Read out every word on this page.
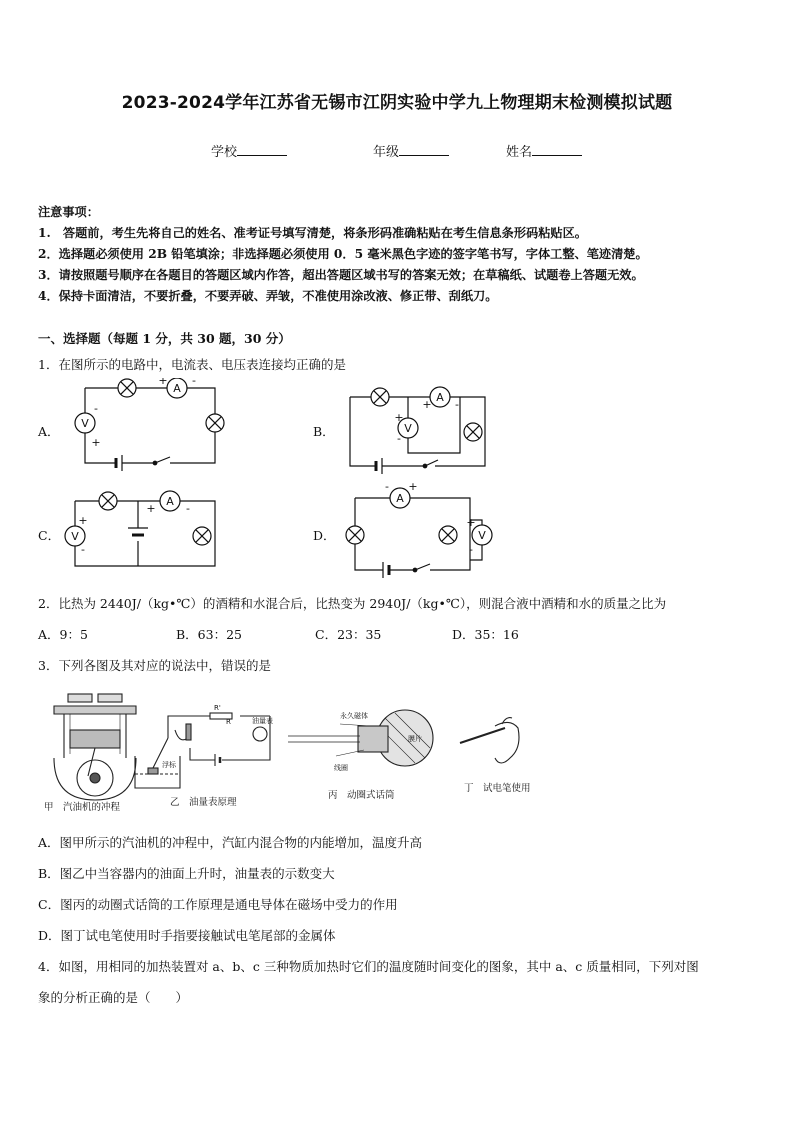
2023-2024学年江苏省无锡市江阴实验中学九上物理期末检测模拟试题
学校	年级	姓名
注意事项：
1.　答题前，考生先将自己的姓名、准考证号填写清楚，将条形码准确粘贴在考生信息条形码粘贴区。
2．选择题必须使用 2B 铅笔填涂；非选择题必须使用 0．5 毫米黑色字迹的签字笔书写，字体工整、笔迹清楚。
3．请按照题号顺序在各题目的答题区域内作答，超出答题区域书写的答案无效；在草稿纸、试题卷上答题无效。
4．保持卡面清洁，不要折叠，不要弄破、弄皱，不准使用涂改液、修正带、刮纸刀。
一、选择题（每题 1 分，共 30 题，30 分）
1．在图所示的电路中，电流表、电压表连接均正确的是
A
V
A
V
A
V
A
V
-
+
+ -
+
-
+ -
+
-
+	-
- +
+
-
A．	B．
C．	D．
2．比热为 2440J/（kg•℃）的酒精和水混合后，比热变为 2940J/（kg•℃），则混合液中酒精和水的质量之比为
A．9：5	B．63：25	C．23：35	D．35：16
3．下列各图及其对应的说法中，错误的是
R
R'
油量表
浮标
永久磁体
膜片
线圈
甲　汽油机的冲程	乙　油量表原理
丙　动圈式话筒
丁　试电笔使用
A．图甲所示的汽油机的冲程中，汽缸内混合物的内能增加，温度升高
B．图乙中当容器内的油面上升时，油量表的示数变大
C．图丙的动圈式话筒的工作原理是通电导体在磁场中受力的作用
D．图丁试电笔使用时手指要接触试电笔尾部的金属体
4．如图，用相同的加热装置对 a、b、c 三种物质加热时它们的温度随时间变化的图象，其中 a、c 质量相同，下列对图
象的分析正确的是（　　）
